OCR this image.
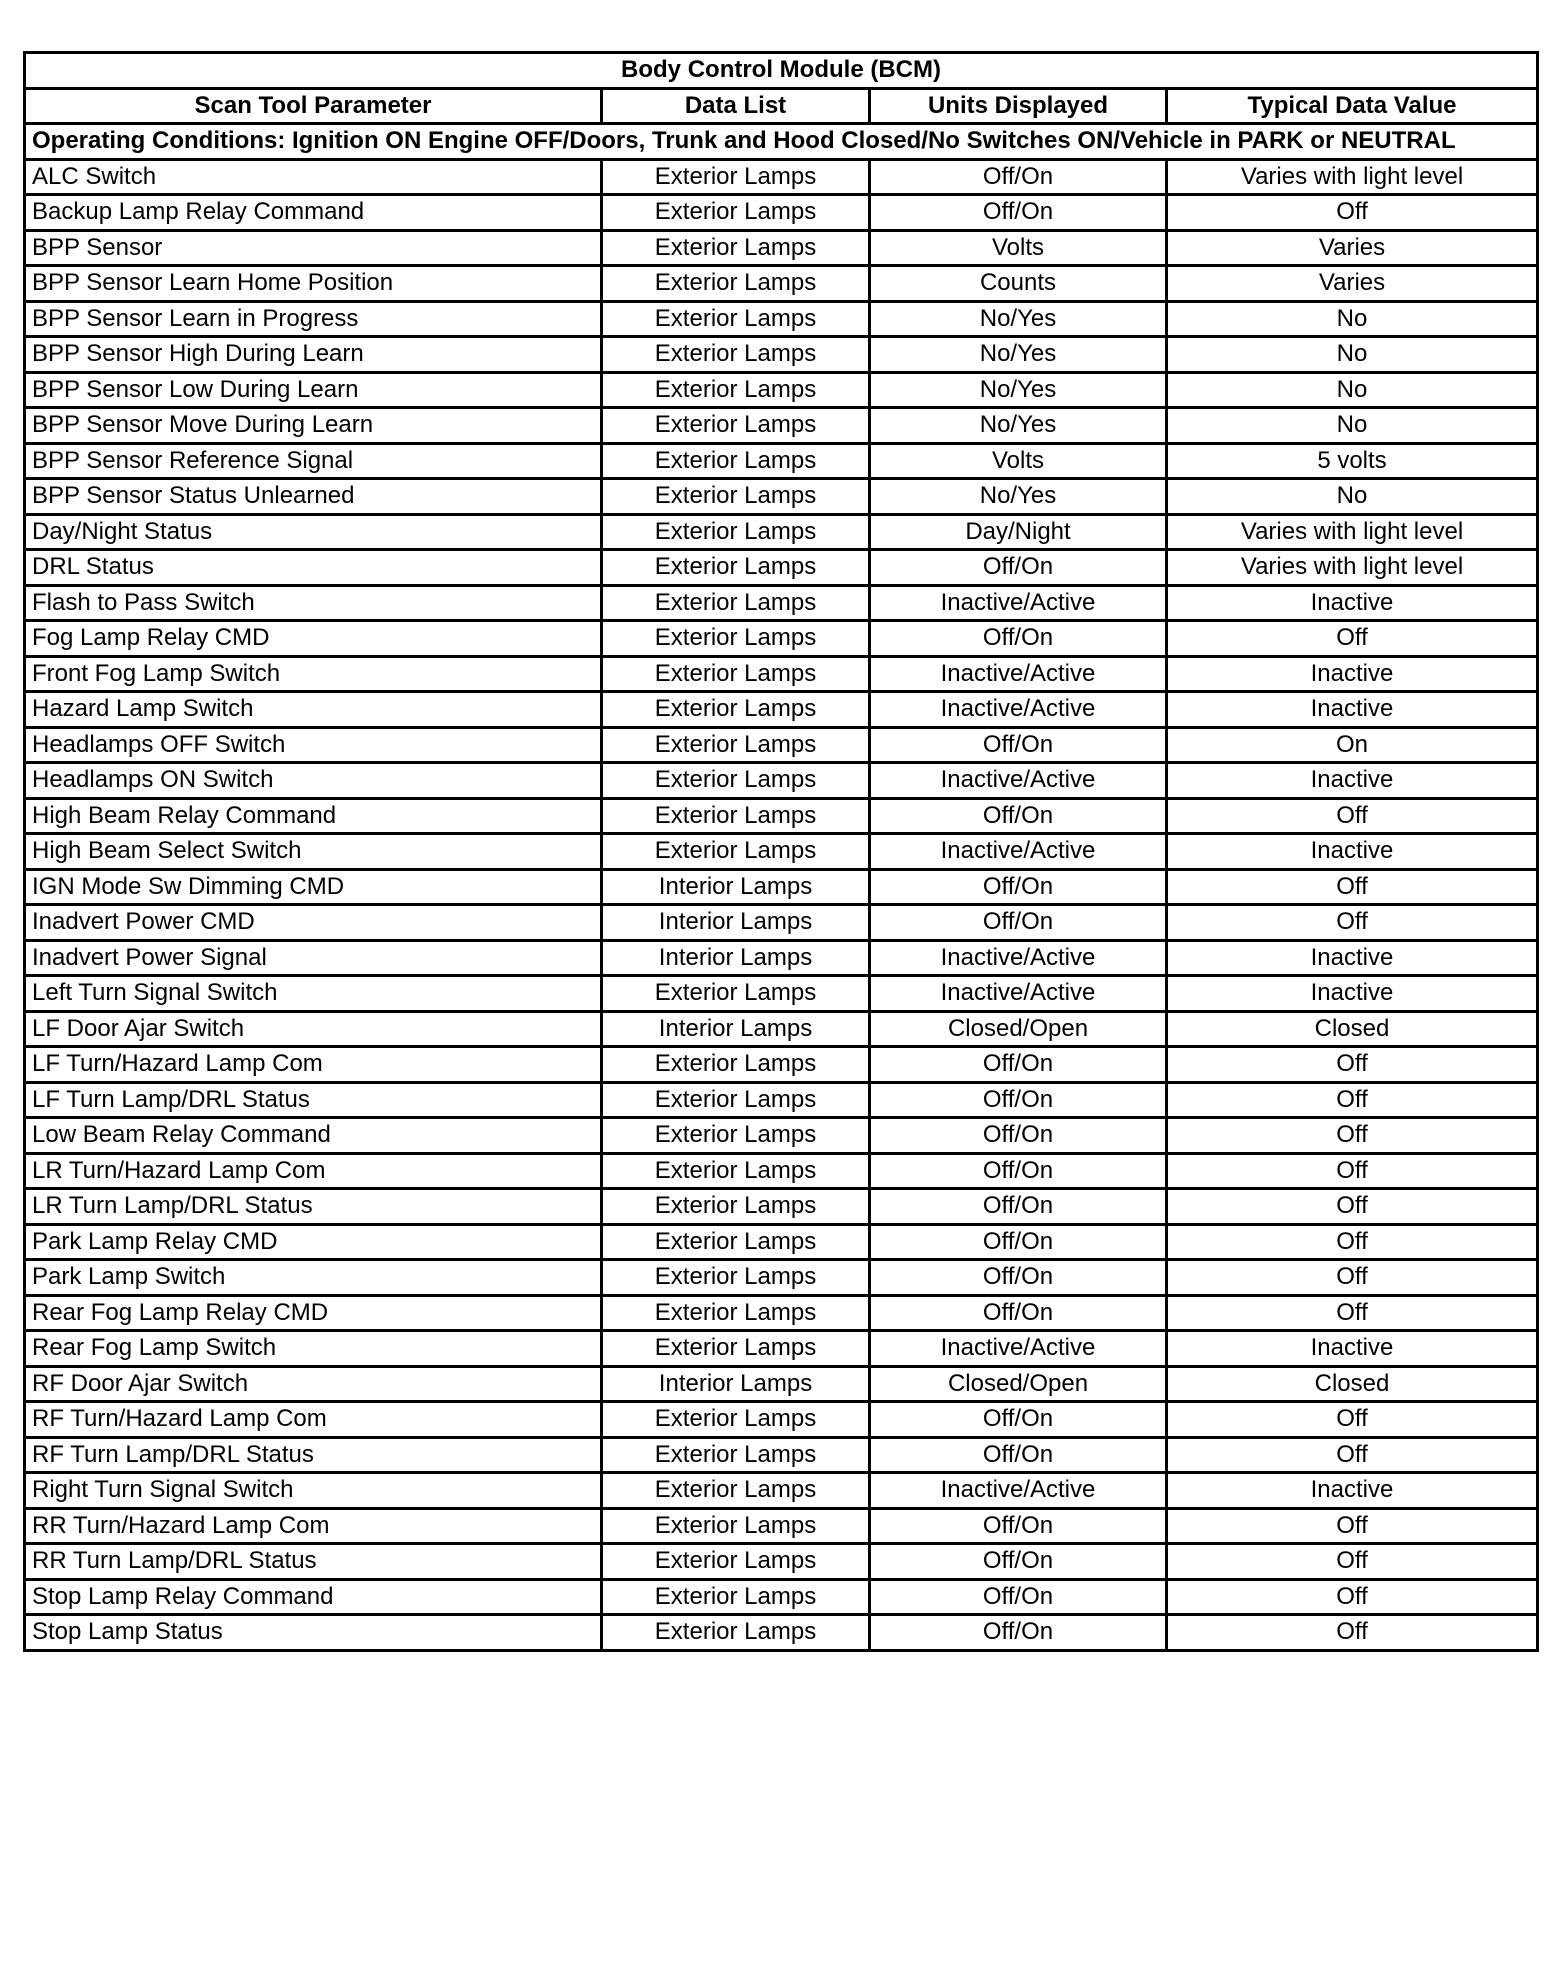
Body Control Module (BCM)			
Scan Tool Parameter	Data List	Units Displayed	Typical Data Value
Operating Conditions: Ignition ON Engine OFF/Doors, Trunk and Hood Closed/No Switches ON/Vehicle in PARK or NEUTRAL			
ALC Switch	Exterior Lamps	Off/On	Varies with light level
Backup Lamp Relay Command	Exterior Lamps	Off/On	Off
BPP Sensor	Exterior Lamps	Volts	Varies
BPP Sensor Learn Home Position	Exterior Lamps	Counts	Varies
BPP Sensor Learn in Progress	Exterior Lamps	No/Yes	No
BPP Sensor High During Learn	Exterior Lamps	No/Yes	No
BPP Sensor Low During Learn	Exterior Lamps	No/Yes	No
BPP Sensor Move During Learn	Exterior Lamps	No/Yes	No
BPP Sensor Reference Signal	Exterior Lamps	Volts	5 volts
BPP Sensor Status Unlearned	Exterior Lamps	No/Yes	No
Day/Night Status	Exterior Lamps	Day/Night	Varies with light level
DRL Status	Exterior Lamps	Off/On	Varies with light level
Flash to Pass Switch	Exterior Lamps	Inactive/Active	Inactive
Fog Lamp Relay CMD	Exterior Lamps	Off/On	Off
Front Fog Lamp Switch	Exterior Lamps	Inactive/Active	Inactive
Hazard Lamp Switch	Exterior Lamps	Inactive/Active	Inactive
Headlamps OFF Switch	Exterior Lamps	Off/On	On
Headlamps ON Switch	Exterior Lamps	Inactive/Active	Inactive
High Beam Relay Command	Exterior Lamps	Off/On	Off
High Beam Select Switch	Exterior Lamps	Inactive/Active	Inactive
IGN Mode Sw Dimming CMD	Interior Lamps	Off/On	Off
Inadvert Power CMD	Interior Lamps	Off/On	Off
Inadvert Power Signal	Interior Lamps	Inactive/Active	Inactive
Left Turn Signal Switch	Exterior Lamps	Inactive/Active	Inactive
LF Door Ajar Switch	Interior Lamps	Closed/Open	Closed
LF Turn/Hazard Lamp Com	Exterior Lamps	Off/On	Off
LF Turn Lamp/DRL Status	Exterior Lamps	Off/On	Off
Low Beam Relay Command	Exterior Lamps	Off/On	Off
LR Turn/Hazard Lamp Com	Exterior Lamps	Off/On	Off
LR Turn Lamp/DRL Status	Exterior Lamps	Off/On	Off
Park Lamp Relay CMD	Exterior Lamps	Off/On	Off
Park Lamp Switch	Exterior Lamps	Off/On	Off
Rear Fog Lamp Relay CMD	Exterior Lamps	Off/On	Off
Rear Fog Lamp Switch	Exterior Lamps	Inactive/Active	Inactive
RF Door Ajar Switch	Interior Lamps	Closed/Open	Closed
RF Turn/Hazard Lamp Com	Exterior Lamps	Off/On	Off
RF Turn Lamp/DRL Status	Exterior Lamps	Off/On	Off
Right Turn Signal Switch	Exterior Lamps	Inactive/Active	Inactive
RR Turn/Hazard Lamp Com	Exterior Lamps	Off/On	Off
RR Turn Lamp/DRL Status	Exterior Lamps	Off/On	Off
Stop Lamp Relay Command	Exterior Lamps	Off/On	Off
Stop Lamp Status	Exterior Lamps	Off/On	Off
